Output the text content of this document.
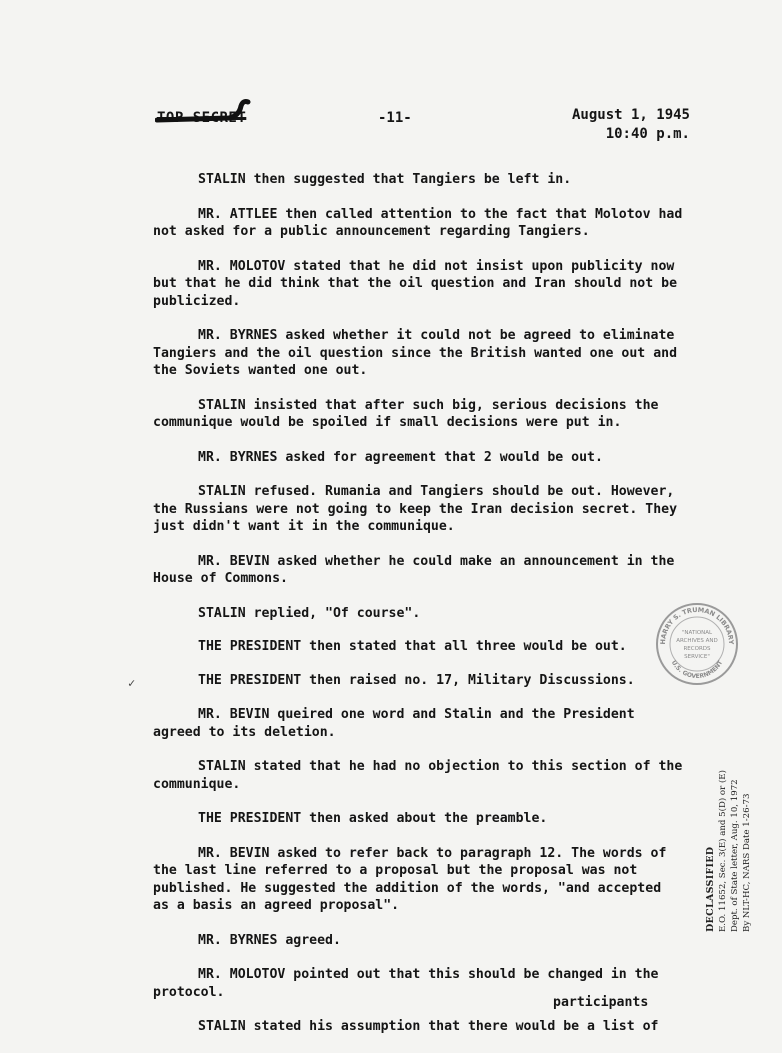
TOP SECRET	-11-	August 1, 1945
10:40 p.m.

STALIN then suggested that Tangiers be left in.

MR. ATTLEE then called attention to the fact that Molotov had not asked for a public announcement regarding Tangiers.

MR. MOLOTOV stated that he did not insist upon publicity now but that he did think that the oil question and Iran should not be publicized.

MR. BYRNES asked whether it could not be agreed to eliminate Tangiers and the oil question since the British wanted one out and the Soviets wanted one out.

STALIN insisted that after such big, serious decisions the communique would be spoiled if small decisions were put in.

MR. BYRNES asked for agreement that 2 would be out.

STALIN refused. Rumania and Tangiers should be out. However, the Russians were not going to keep the Iran decision secret. They just didn't want it in the communique.

MR. BEVIN asked whether he could make an announcement in the House of Commons.

STALIN replied, "Of course".

THE PRESIDENT then stated that all three would be out.

THE PRESIDENT then raised no. 17, Military Discussions.

MR. BEVIN queired one word and Stalin and the President agreed to its deletion.

STALIN stated that he had no objection to this section of the communique.

THE PRESIDENT then asked about the preamble.

MR. BEVIN asked to refer back to paragraph 12. The words of the last line referred to a proposal but the proposal was not published. He suggested the addition of the words, "and accepted as a basis an agreed proposal".

MR. BYRNES agreed.

MR. MOLOTOV pointed out that this should be changed in the protocol.

STALIN stated his assumption that there would be a list of

participants
✓
HARRY S. TRUMAN LIBRARY
U.S. GOVERNMENT
"NATIONAL
ARCHIVES AND
RECORDS
SERVICE"
DECLASSIFIED E.O. 11652, Sec. 3(E) and 5(D) or (E) Dept. of State letter, Aug. 10, 1972 By NLT-HC, NARS Date 1-26-73
